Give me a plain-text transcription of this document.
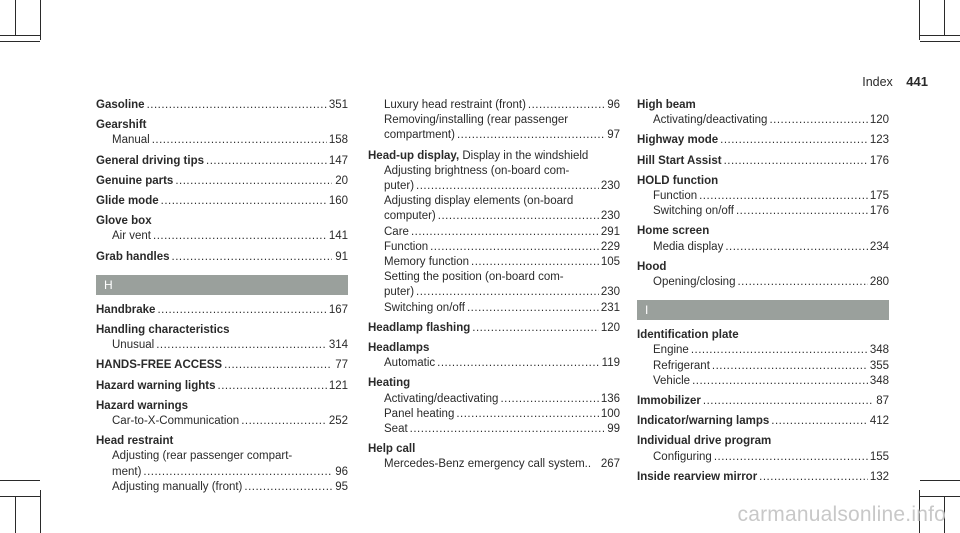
Index 441
Gasoline .....	351
Gearshift
Manual .....	158
General driving tips .....	147
Genuine parts .....	20
Glide mode .....	160
Glove box
Air vent .....	141
Grab handles .....	91
H
Handbrake .....	167
Handling characteristics
Unusual .....	314
HANDS-FREE ACCESS .....	77
Hazard warning lights .....	121
Hazard warnings
Car-to-X-Communication .....	252
Head restraint
Adjusting (rear passenger compart-
ment) .....	96
Adjusting manually (front) .....	95
Luxury head restraint (front) .....	96
Removing/installing (rear passenger
compartment) .....	97
Head-up display, Display in the windshield
Adjusting brightness (on-board com-
puter) .....	230
Adjusting display elements (on-board
computer) .....	230
Care .....	291
Function .....	229
Memory function .....	105
Setting the position (on-board com-
puter) .....	230
Switching on/off .....	231
Headlamp flashing .....	120
Headlamps
Automatic .....	119
Heating
Activating/deactivating .....	136
Panel heating .....	100
Seat .....	99
Help call
Mercedes-Benz emergency call system.. 267
High beam
Activating/deactivating .....	120
Highway mode .....	123
Hill Start Assist .....	176
HOLD function
Function .....	175
Switching on/off .....	176
Home screen
Media display .....	234
Hood
Opening/closing .....	280
I
Identification plate
Engine .....	348
Refrigerant .....	355
Vehicle .....	348
Immobilizer .....	87
Indicator/warning lamps .....	412
Individual drive program
Configuring .....	155
Inside rearview mirror .....	132
carmanualsonline.info
